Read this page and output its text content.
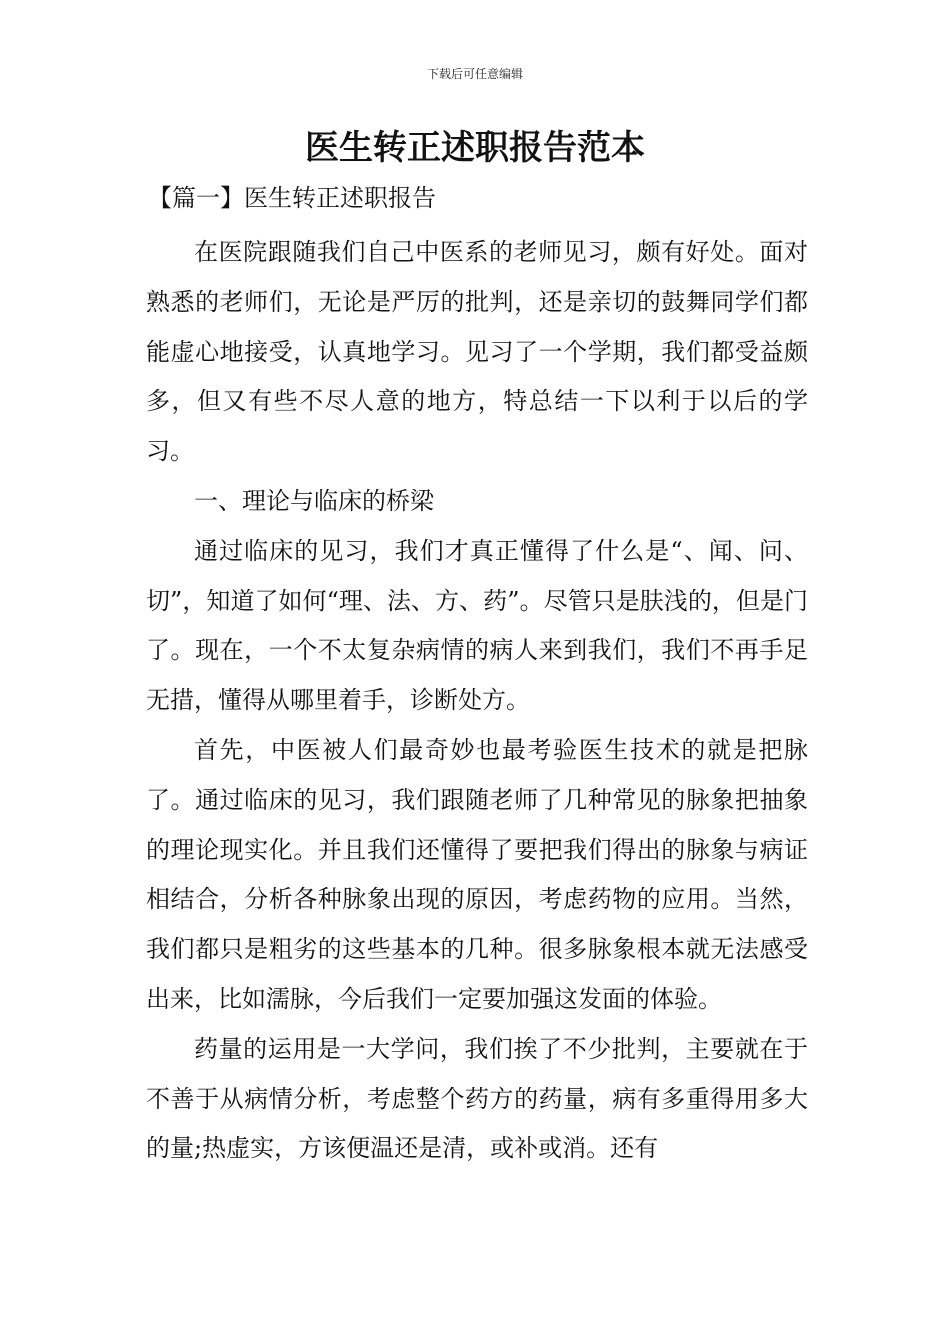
下载后可任意编辑
医生转正述职报告范本
【篇一】医生转正述职报告

在医院跟随我们自己中医系的老师见习，颇有好处。面对熟悉的老师们，无论是严厉的批判，还是亲切的鼓舞同学们都能虚心地接受，认真地学习。见习了一个学期，我们都受益颇多，但又有些不尽人意的地方，特总结一下以利于以后的学习。

一、理论与临床的桥梁

通过临床的见习，我们才真正懂得了什么是“、闻、问、切”，知道了如何“理、法、方、药”。尽管只是肤浅的，但是门了。现在，一个不太复杂病情的病人来到我们，我们不再手足无措，懂得从哪里着手，诊断处方。

首先，中医被人们最奇妙也最考验医生技术的就是把脉了。通过临床的见习，我们跟随老师了几种常见的脉象把抽象的理论现实化。并且我们还懂得了要把我们得出的脉象与病证相结合，分析各种脉象出现的原因，考虑药物的应用。当然，我们都只是粗劣的这些基本的几种。很多脉象根本就无法感受出来，比如濡脉，今后我们一定要加强这发面的体验。

药量的运用是一大学问，我们挨了不少批判，主要就在于不善于从病情分析，考虑整个药方的药量，病有多重得用多大的量;热虚实，方该便温还是清，或补或消。还有
